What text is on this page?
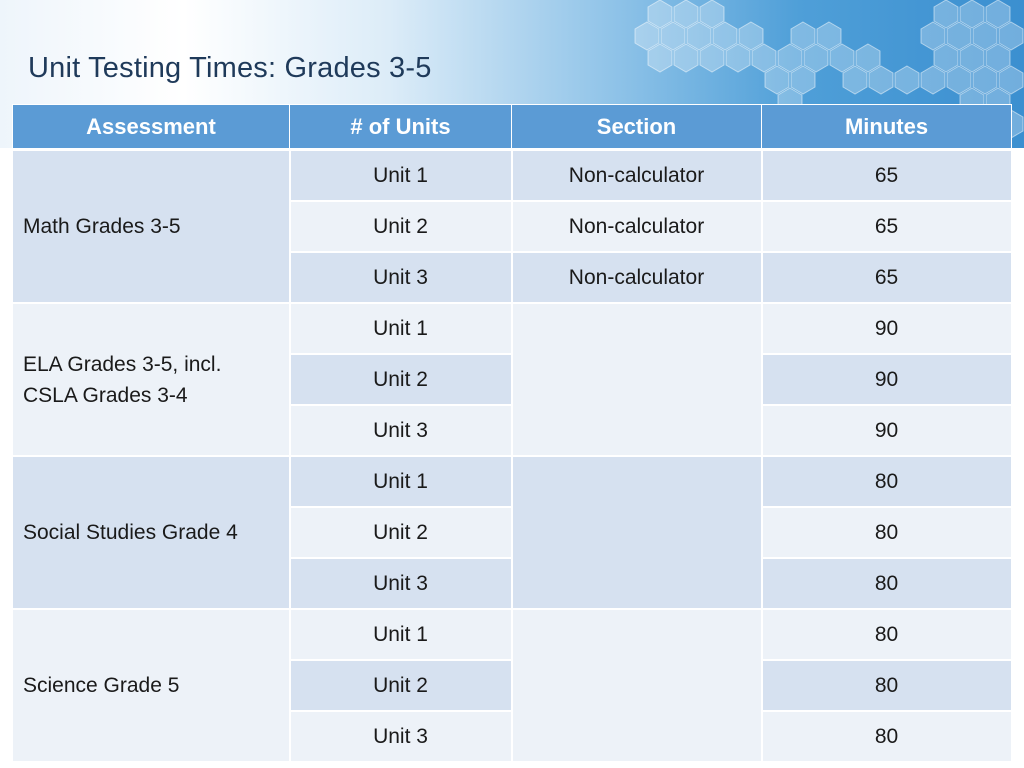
Unit Testing Times: Grades 3-5
Assessment	# of Units	Section	Minutes
Math Grades 3-5	Unit 1	Non-calculator	65
	Unit 2	Non-calculator	65
	Unit 3	Non-calculator	65
ELA Grades 3-5, incl.
CSLA Grades 3-4	Unit 1		90
	Unit 2		90
	Unit 3		90
Social Studies Grade 4	Unit 1		80
	Unit 2		80
	Unit 3		80
Science Grade 5	Unit 1		80
	Unit 2		80
	Unit 3		80
